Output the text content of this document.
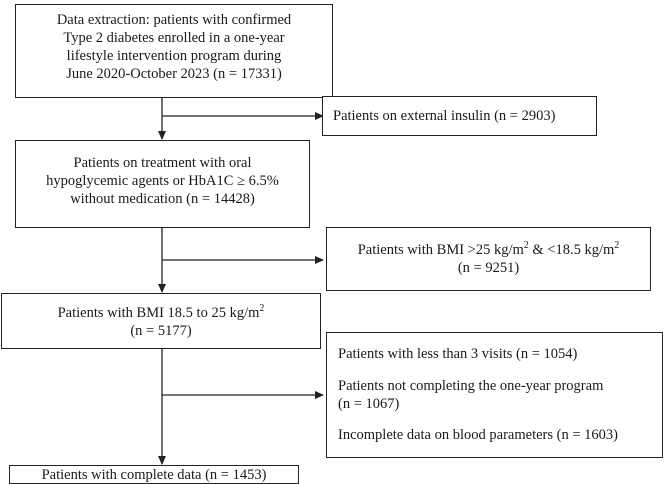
Data extraction: patients with confirmed
Type 2 diabetes enrolled in a one-year
lifestyle intervention program during
June 2020-October 2023 (n = 17331)
Patients on external insulin (n = 2903)
Patients on treatment with oral
hypoglycemic agents or HbA1C ≥ 6.5%
without medication (n = 14428)
Patients with BMI >25 $kg/m^2$ & <18.5 $kg/m^2$
(n = 9251)
Patients with BMI 18.5 to 25 $kg/m^2$
(n = 5177)
Patients with less than 3 visits (n = 1054)
Patients not completing the one-year program
(n = 1067)
Incomplete data on blood parameters (n = 1603)
Patients with complete data (n = 1453)
